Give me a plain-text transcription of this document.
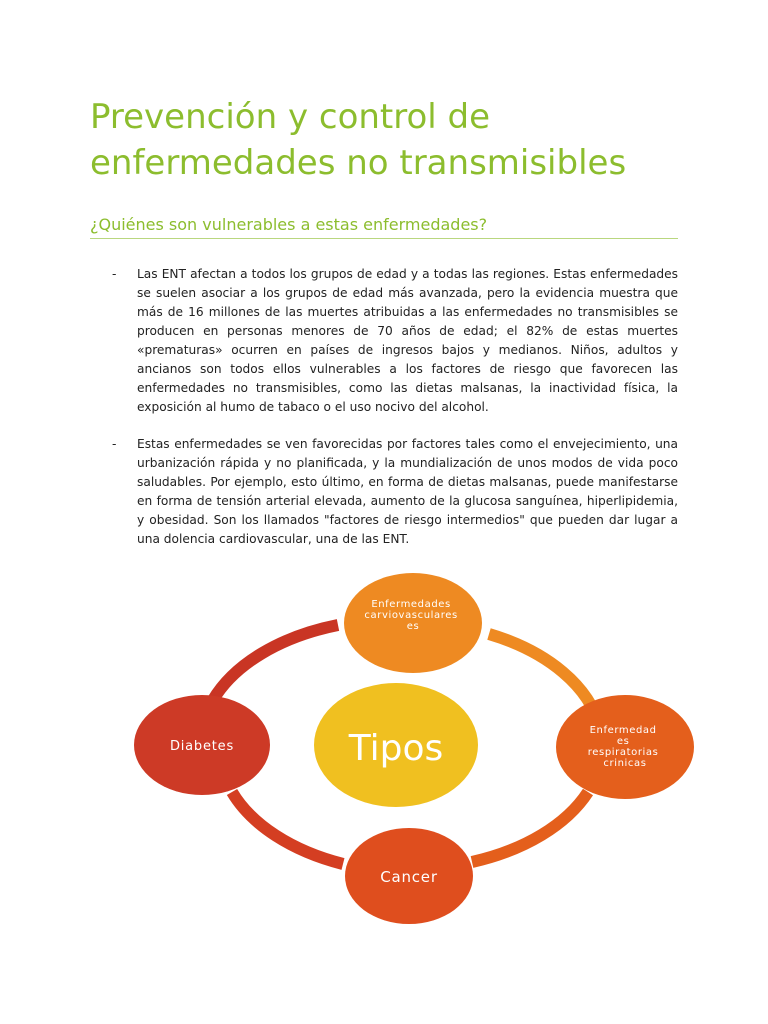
Prevención y control de enfermedades no transmisibles
¿Quiénes son vulnerables a estas enfermedades?
- Las ENT afectan a todos los grupos de edad y a todas las regiones. Estas enfermedades se suelen asociar a los grupos de edad más avanzada, pero la evidencia muestra que más de 16 millones de las muertes atribuidas a las enfermedades no transmisibles se producen en personas menores de 70 años de edad; el 82% de estas muertes «prematuras» ocurren en países de ingresos bajos y medianos. Niños, adultos y ancianos son todos ellos vulnerables a los factores de riesgo que favorecen las enfermedades no transmisibles, como las dietas malsanas, la inactividad física, la exposición al humo de tabaco o el uso nocivo del alcohol.
- Estas enfermedades se ven favorecidas por factores tales como el envejecimiento, una urbanización rápida y no planificada, y la mundialización de unos modos de vida poco saludables. Por ejemplo, esto último, en forma de dietas malsanas, puede manifestarse en forma de tensión arterial elevada, aumento de la glucosa sanguínea, hiperlipidemia, y obesidad. Son los llamados "factores de riesgo intermedios" que pueden dar lugar a una dolencia cardiovascular, una de las ENT.
Tipos
Enfermedades carviovasculares es
Enfermedad es respiratorias crinicas
Cancer
Diabetes
